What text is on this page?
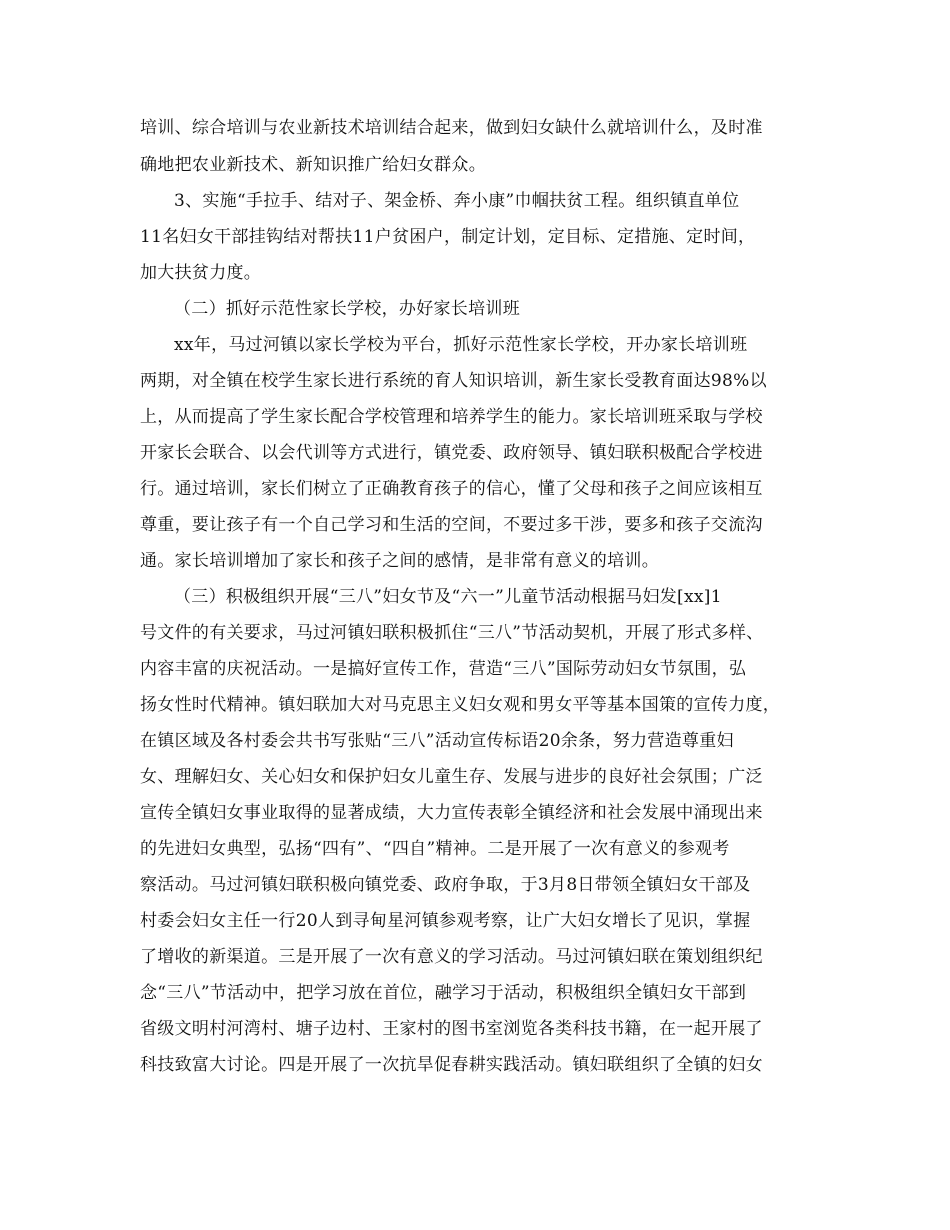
培训、综合培训与农业新技术培训结合起来，做到妇女缺什么就培训什么，及时准

确地把农业新技术、新知识推广给妇女群众。

3、实施“手拉手、结对子、架金桥、奔小康”巾帼扶贫工程。组织镇直单位

11名妇女干部挂钩结对帮扶11户贫困户，制定计划，定目标、定措施、定时间，

加大扶贫力度。

（二）抓好示范性家长学校，办好家长培训班

xx年，马过河镇以家长学校为平台，抓好示范性家长学校，开办家长培训班

两期，对全镇在校学生家长进行系统的育人知识培训，新生家长受教育面达98%以

上，从而提高了学生家长配合学校管理和培养学生的能力。家长培训班采取与学校

开家长会联合、以会代训等方式进行，镇党委、政府领导、镇妇联积极配合学校进

行。通过培训，家长们树立了正确教育孩子的信心，懂了父母和孩子之间应该相互

尊重，要让孩子有一个自己学习和生活的空间，不要过多干涉，要多和孩子交流沟

通。家长培训增加了家长和孩子之间的感情，是非常有意义的培训。

（三）积极组织开展“三八”妇女节及“六一”儿童节活动根据马妇发[xx]1

号文件的有关要求，马过河镇妇联积极抓住“三八”节活动契机，开展了形式多样、

内容丰富的庆祝活动。一是搞好宣传工作，营造“三八”国际劳动妇女节氛围，弘

扬女性时代精神。镇妇联加大对马克思主义妇女观和男女平等基本国策的宣传力度，

在镇区域及各村委会共书写张贴“三八”活动宣传标语20余条，努力营造尊重妇

女、理解妇女、关心妇女和保护妇女儿童生存、发展与进步的良好社会氛围；广泛

宣传全镇妇女事业取得的显著成绩，大力宣传表彰全镇经济和社会发展中涌现出来

的先进妇女典型，弘扬“四有”、“四自”精神。二是开展了一次有意义的参观考

察活动。马过河镇妇联积极向镇党委、政府争取，于3月8日带领全镇妇女干部及

村委会妇女主任一行20人到寻甸星河镇参观考察，让广大妇女增长了见识，掌握

了增收的新渠道。三是开展了一次有意义的学习活动。马过河镇妇联在策划组织纪

念“三八”节活动中，把学习放在首位，融学习于活动，积极组织全镇妇女干部到

省级文明村河湾村、塘子边村、王家村的图书室浏览各类科技书籍，在一起开展了

科技致富大讨论。四是开展了一次抗旱促春耕实践活动。镇妇联组织了全镇的妇女
